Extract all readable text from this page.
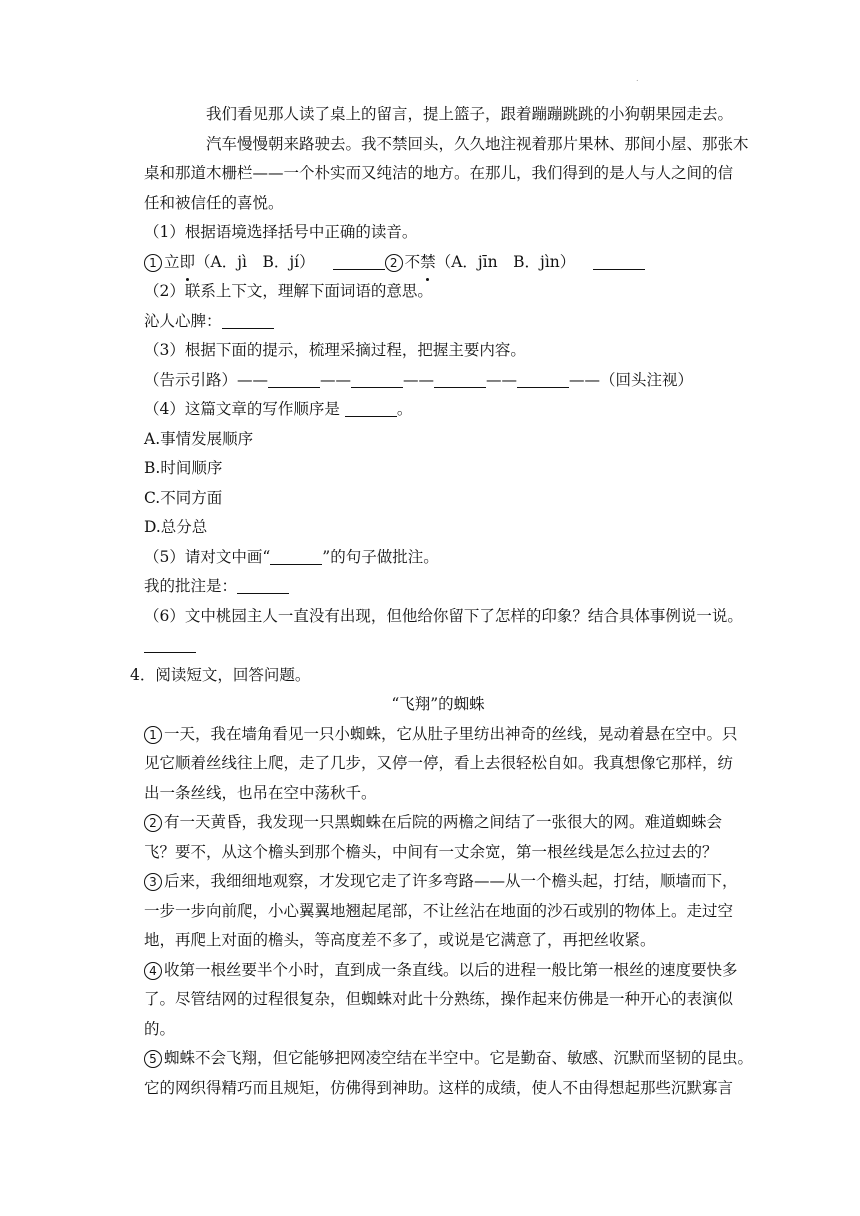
.
我们看见那人读了桌上的留言，提上篮子，跟着蹦蹦跳跳的小狗朝果园走去。
汽车慢慢朝来路驶去。我不禁回头，久久地注视着那片果林、那间小屋、那张木
桌和那道木栅栏——一个朴实而又纯洁的地方。在那儿，我们得到的是人与人之间的信
任和被信任的喜悦。
（1）根据语境选择括号中正确的读音。
1 立即（A．jì　B．jí）	2 不禁（A．jīn　B．jìn）
（2）联系上下文，理解下面词语的意思。
沁人心脾：
（3）根据下面的提示，梳理采摘过程，把握主要内容。
（告示引路）——	——	——	——	——（回头注视）
（4）这篇文章的写作顺序是	。
A.事情发展顺序
B.时间顺序
C.不同方面
D.总分总
（5）请对文中画“	”的句子做批注。
我的批注是：
（6）文中桃园主人一直没有出现，但他给你留下了怎样的印象？结合具体事例说一说。
4．阅读短文，回答问题。
“飞翔”的蜘蛛
1 一天，我在墙角看见一只小蜘蛛，它从肚子里纺出神奇的丝线，晃动着悬在空中。只
见它顺着丝线往上爬，走了几步，又停一停，看上去很轻松自如。我真想像它那样，纺
出一条丝线，也吊在空中荡秋千。
2 有一天黄昏，我发现一只黑蜘蛛在后院的两檐之间结了一张很大的网。难道蜘蛛会
飞？要不，从这个檐头到那个檐头，中间有一丈余宽，第一根丝线是怎么拉过去的？
3 后来，我细细地观察，才发现它走了许多弯路——从一个檐头起，打结，顺墙而下，
一步一步向前爬，小心翼翼地翘起尾部，不让丝沾在地面的沙石或别的物体上。走过空
地，再爬上对面的檐头，等高度差不多了，或说是它满意了，再把丝收紧。
4 收第一根丝要半个小时，直到成一条直线。以后的进程一般比第一根丝的速度要快多
了。尽管结网的过程很复杂，但蜘蛛对此十分熟练，操作起来仿佛是一种开心的表演似
的。
5 蜘蛛不会飞翔，但它能够把网凌空结在半空中。它是勤奋、敏感、沉默而坚韧的昆虫。
它的网织得精巧而且规矩，仿佛得到神助。这样的成绩，使人不由得想起那些沉默寡言
